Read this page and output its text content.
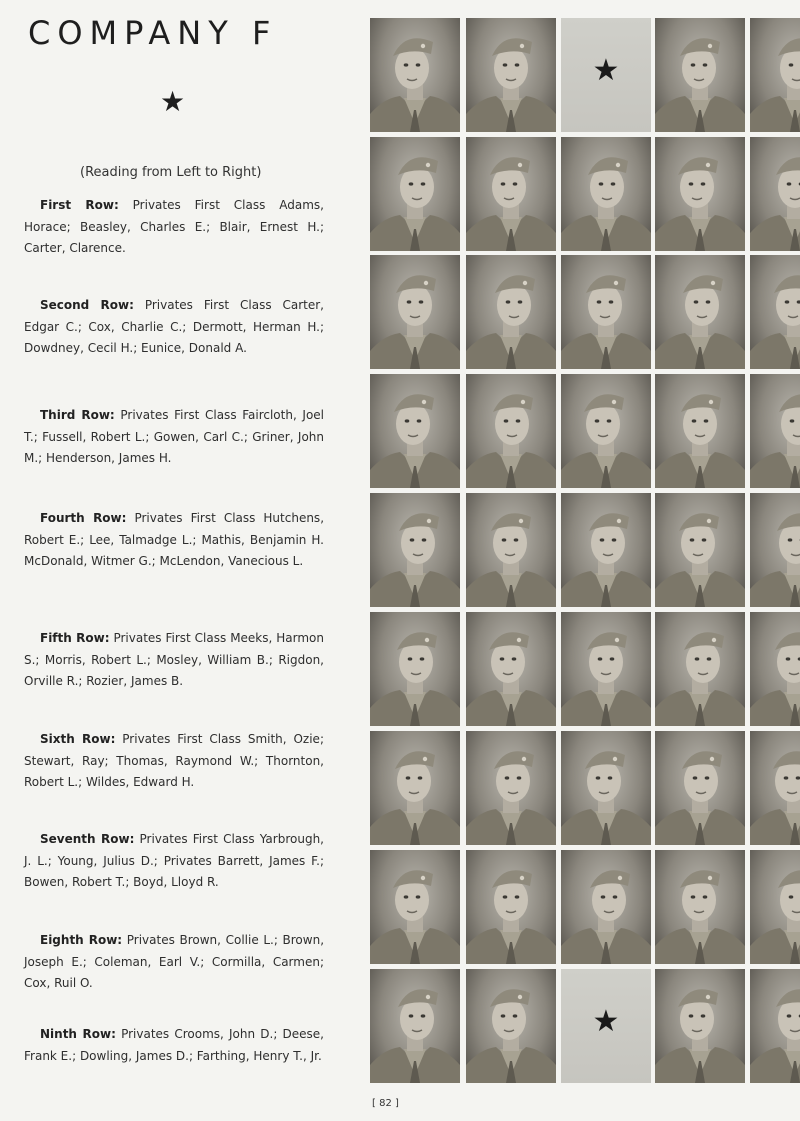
COMPANY F
★
(Reading from Left to Right)

First Row: Privates First Class Adams, Horace; Beasley, Charles E.; Blair, Ernest H.; Carter, Clarence.

Second Row: Privates First Class Carter, Edgar C.; Cox, Charlie C.; Dermott, Herman H.; Dowdney, Cecil H.; Eunice, Donald A.

Third Row: Privates First Class Faircloth, Joel T.; Fussell, Robert L.; Gowen, Carl C.; Griner, John M.; Henderson, James H.

Fourth Row: Privates First Class Hutchens, Robert E.; Lee, Talmadge L.; Mathis, Benjamin H. McDonald, Witmer G.; McLendon, Vanecious L.

Fifth Row: Privates First Class Meeks, Harmon S.; Morris, Robert L.; Mosley, William B.; Rigdon, Orville R.; Rozier, James B.

Sixth Row: Privates First Class Smith, Ozie; Stewart, Ray; Thomas, Raymond W.; Thornton, Robert L.; Wildes, Edward H.

Seventh Row: Privates First Class Yarbrough, J. L.; Young, Julius D.; Privates Barrett, James F.; Bowen, Robert T.; Boyd, Lloyd R.

Eighth Row: Privates Brown, Collie L.; Brown, Joseph E.; Coleman, Earl V.; Cormilla, Carmen; Cox, Ruil O.

Ninth Row: Privates Crooms, John D.; Deese, Frank E.; Dowling, James D.; Farthing, Henry T., Jr.

★
★
[ 82 ]
